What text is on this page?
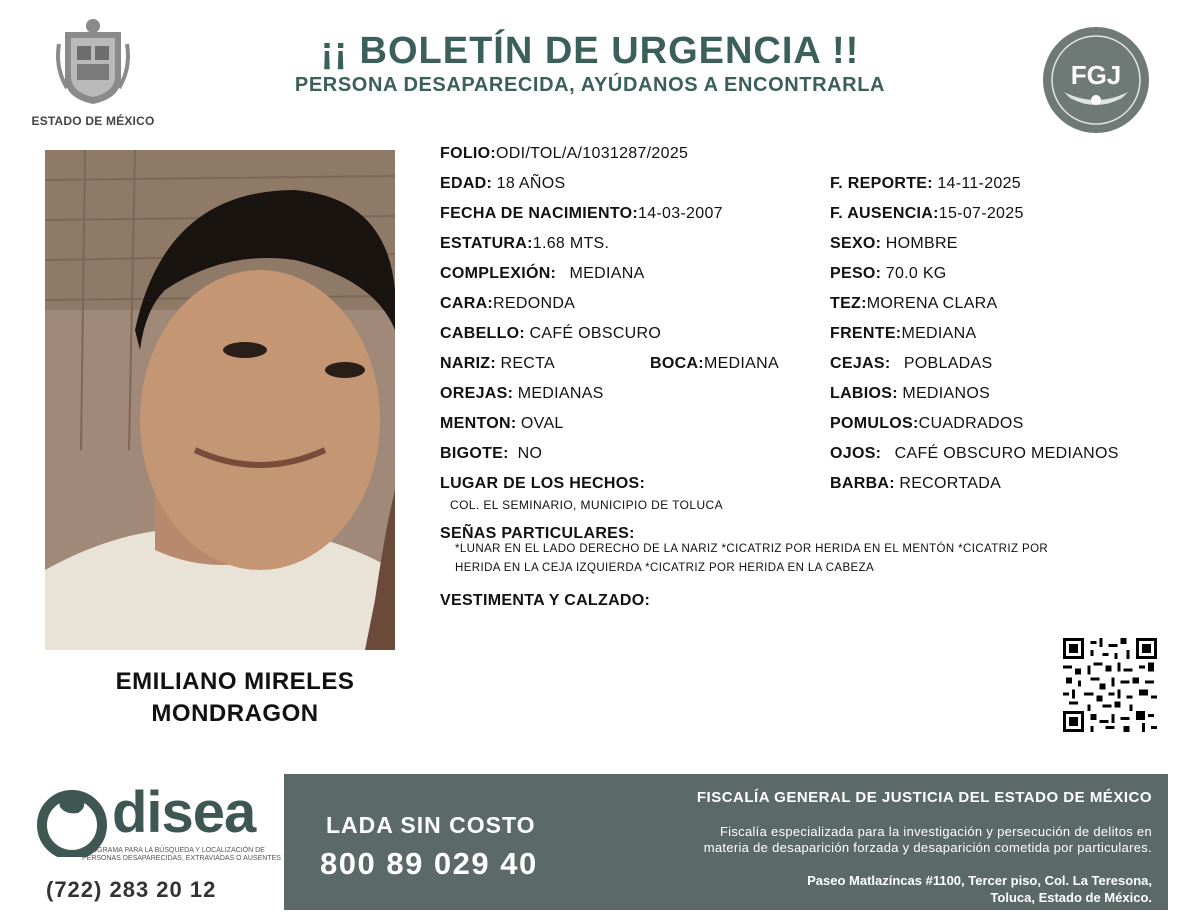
ESTADO DE MÉXICO
¡¡ BOLETÍN DE URGENCIA !!
PERSONA DESAPARECIDA, AYÚDANOS A ENCONTRARLA	FGJ
EMILIANO MIRELES
MONDRAGON
FOLIO:ODI/TOL/A/1031287/2025
EDAD: 18 AÑOS	F. REPORTE: 14-11-2025
FECHA DE NACIMIENTO:14-03-2007	F. AUSENCIA:15-07-2025
ESTATURA:1.68 MTS.	SEXO: HOMBRE
COMPLEXIÓN: MEDIANA	PESO: 70.0 KG
CARA:REDONDA	TEZ:MORENA CLARA
CABELLO: CAFÉ OBSCURO	FRENTE:MEDIANA
NARIZ: RECTA	BOCA:MEDIANA	CEJAS: POBLADAS
OREJAS: MEDIANAS	LABIOS: MEDIANOS
MENTON: OVAL	POMULOS:CUADRADOS
BIGOTE: NO	OJOS: CAFÉ OBSCURO MEDIANOS
LUGAR DE LOS HECHOS:
COL. EL SEMINARIO, MUNICIPIO DE TOLUCA
BARBA: RECORTADA
SEÑAS PARTICULARES:
*LUNAR EN EL LADO DERECHO DE LA NARIZ *CICATRIZ POR HERIDA EN EL MENTÓN *CICATRIZ POR
HERIDA EN LA CEJA IZQUIERDA *CICATRIZ POR HERIDA EN LA CABEZA
VESTIMENTA Y CALZADO:
disea
PROGRAMA PARA LA BÚSQUEDA Y LOCALIZACIÓN DE PERSONAS DESAPARECIDAS, EXTRAVIADAS O AUSENTES
(722) 283 20 12
LADA SIN COSTO
800 89 029 40
FISCALÍA GENERAL DE JUSTICIA DEL ESTADO DE MÉXICO
Fiscalía especializada para la investigación y persecución de delitos en
materia de desaparición forzada y desaparición cometida por particulares.
Paseo Matlazíncas #1100, Tercer piso, Col. La Teresona,
Toluca, Estado de México.
